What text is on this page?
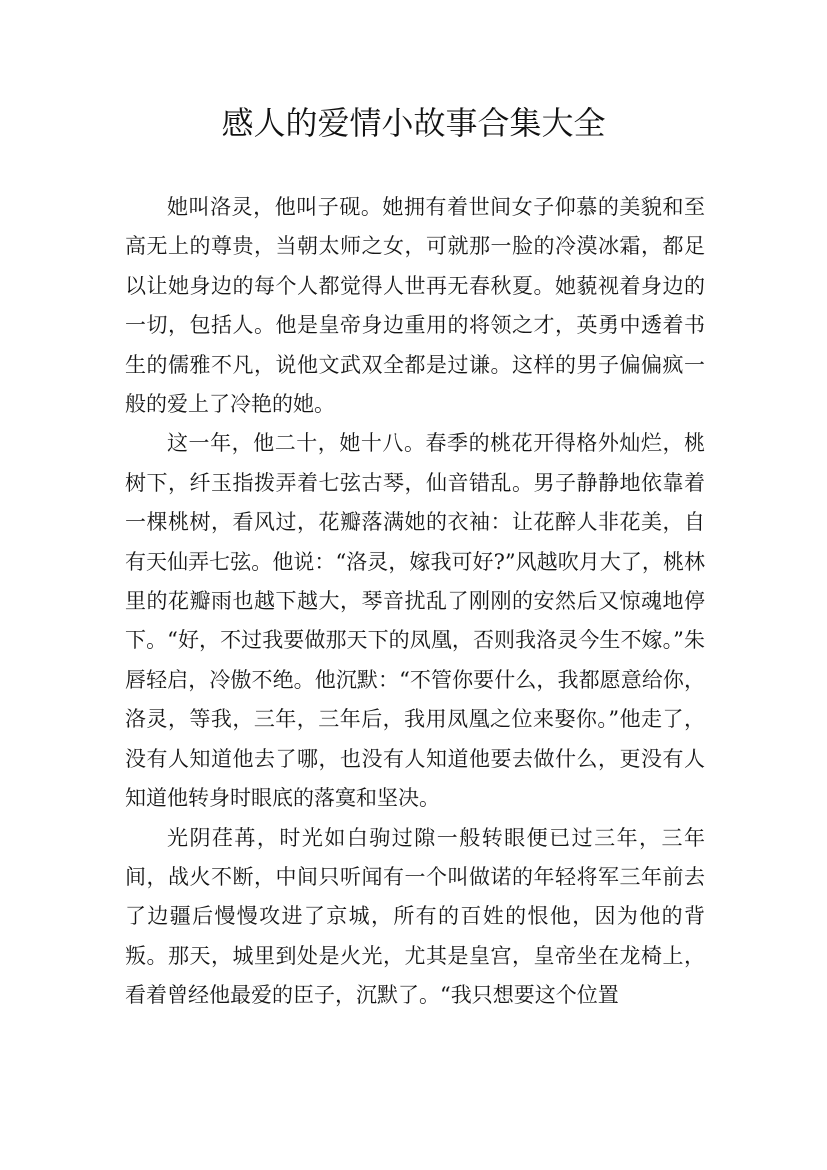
感人的爱情小故事合集大全

她叫洛灵，他叫子砚。她拥有着世间女子仰慕的美貌和至高无上的尊贵，当朝太师之女，可就那一脸的冷漠冰霜，都足以让她身边的每个人都觉得人世再无春秋夏。她藐视着身边的一切，包括人。他是皇帝身边重用的将领之才，英勇中透着书生的儒雅不凡，说他文武双全都是过谦。这样的男子偏偏疯一般的爱上了冷艳的她。

这一年，他二十，她十八。春季的桃花开得格外灿烂，桃树下，纤玉指拨弄着七弦古琴，仙音错乱。男子静静地依靠着一棵桃树，看风过，花瓣落满她的衣袖：让花醉人非花美，自有天仙弄七弦。他说：“洛灵，嫁我可好?”风越吹月大了，桃林里的花瓣雨也越下越大，琴音扰乱了刚刚的安然后又惊魂地停下。“好，不过我要做那天下的凤凰，否则我洛灵今生不嫁。”朱唇轻启，冷傲不绝。他沉默：“不管你要什么，我都愿意给你，洛灵，等我，三年，三年后，我用凤凰之位来娶你。”他走了，没有人知道他去了哪，也没有人知道他要去做什么，更没有人知道他转身时眼底的落寞和坚决。

光阴荏苒，时光如白驹过隙一般转眼便已过三年，三年间，战火不断，中间只听闻有一个叫做诺的年轻将军三年前去了边疆后慢慢攻进了京城，所有的百姓的恨他，因为他的背叛。那天，城里到处是火光，尤其是皇宫，皇帝坐在龙椅上，看着曾经他最爱的臣子，沉默了。“我只想要这个位置
